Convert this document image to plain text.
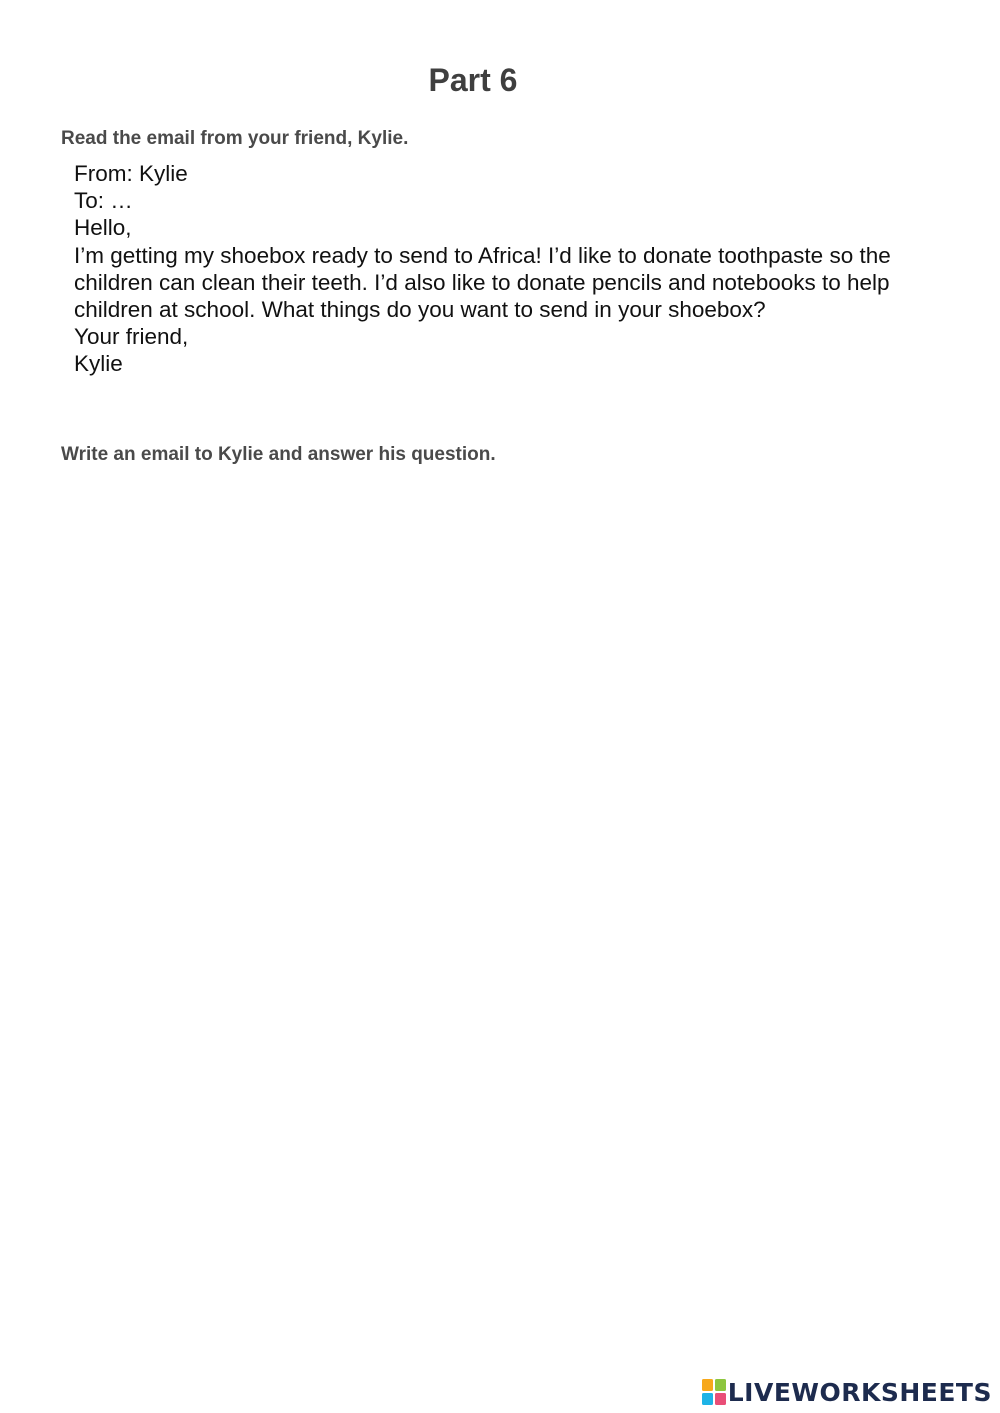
Part 6

Read the email from your friend, Kylie.

From: Kylie
To: …
Hello,
I’m getting my shoebox ready to send to Africa! I’d like to donate toothpaste so the children can clean their teeth. I’d also like to donate pencils and notebooks to help children at school. What things do you want to send in your shoebox?
Your friend,
Kylie

Write an email to Kylie and answer his question.

LIVEWORKSHEETS
